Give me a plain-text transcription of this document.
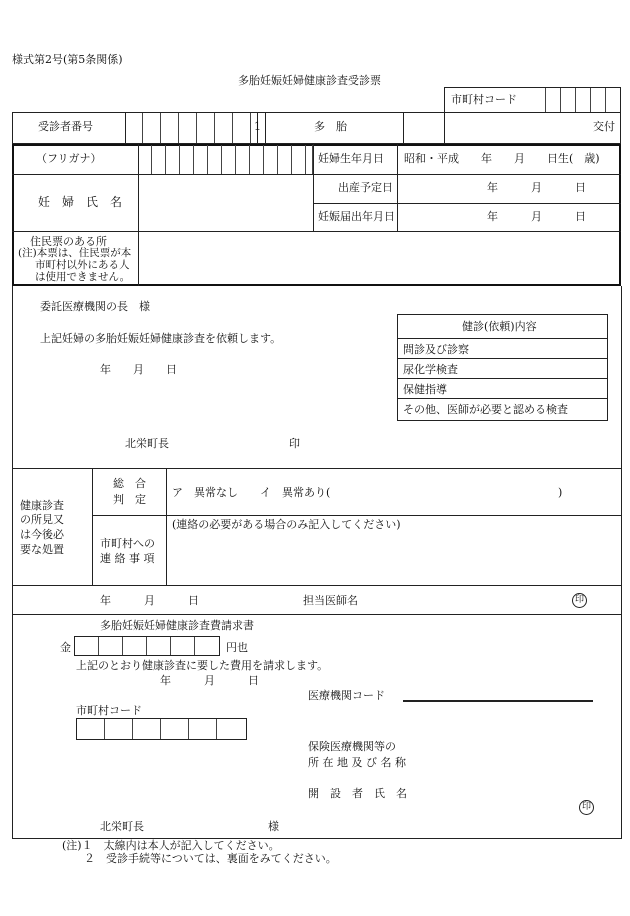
様式第2号(第5条関係)
多胎妊娠妊婦健康診査受診票
市町村コード
受診者番号	1	多　胎	交付
（フリガナ）	妊婦生年月日 昭和・平成　　年　　月　　日生(　歳)
妊　婦　氏　名
出産予定日	年　　　月　　　日
妊娠届出年月日	年　　　月　　　日
住民票のある所
(注)本票は、住民票が本
市町村以外にある人
は使用できません。
委託医療機関の長　様
上記妊婦の多胎妊娠妊婦健康診査を依頼します。
年　　月　　日
北栄町長	印
健診(依頼)内容
問診及び診察
尿化学検査
保健指導
その他、医師が必要と認める検査
健康診査
の所見又
は今後必
要な処置
総　合
判　定
ア　異常なし　　イ　異常あり(	)
市町村への
連 絡 事 項
(連絡の必要がある場合のみ記入してください)
年　　　月　　　日	担当医師名	印
多胎妊娠妊婦健康診査費請求書
金	円也
上記のとおり健康診査に要した費用を請求します。
年　　　月　　　日
医療機関コード
市町村コード
保険医療機関等の
所 在 地 及 び 名 称
開　設　者　氏　名
印
北栄町長	様
(注)１　太線内は本人が記入してください。
２　受診手続等については、裏面をみてください。
